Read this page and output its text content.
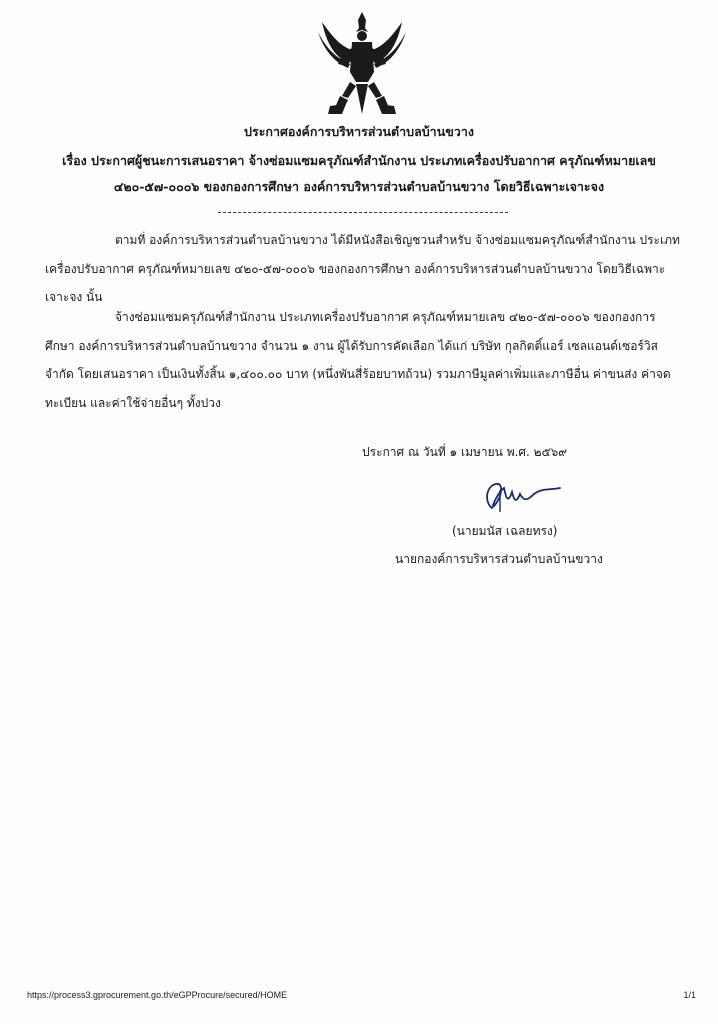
ประกาศองค์การบริหารส่วนตำบลบ้านขวาง
เรื่อง ประกาศผู้ชนะการเสนอราคา จ้างซ่อมแซมครุภัณฑ์สำนักงาน ประเภทเครื่องปรับอากาศ ครุภัณฑ์หมายเลข
๔๒๐-๕๗-๐๐๐๖ ของกองการศึกษา องค์การบริหารส่วนตำบลบ้านขวาง โดยวิธีเฉพาะเจาะจง
ตามที่ องค์การบริหารส่วนตำบลบ้านขวาง ได้มีหนังสือเชิญชวนสำหรับ จ้างซ่อมแซมครุภัณฑ์สำนักงาน ประเภทเครื่องปรับอากาศ ครุภัณฑ์หมายเลข ๔๒๐-๕๗-๐๐๐๖ ของกองการศึกษา องค์การบริหารส่วนตำบลบ้านขวาง โดยวิธีเฉพาะเจาะจง นั้น
จ้างซ่อมแซมครุภัณฑ์สำนักงาน ประเภทเครื่องปรับอากาศ ครุภัณฑ์หมายเลข ๔๒๐-๕๗-๐๐๐๖ ของกองการศึกษา องค์การบริหารส่วนตำบลบ้านขวาง จำนวน ๑ งาน ผู้ได้รับการคัดเลือก ได้แก่ บริษัท กุลกิตติ์แอร์ เซลแอนด์เซอร์วิส จำกัด โดยเสนอราคา เป็นเงินทั้งสิ้น ๑,๔๐๐.๐๐ บาท (หนึ่งพันสี่ร้อยบาทถ้วน) รวมภาษีมูลค่าเพิ่มและภาษีอื่น ค่าขนส่ง ค่าจดทะเบียน และค่าใช้จ่ายอื่นๆ ทั้งปวง
ประกาศ ณ วันที่ ๑ เมษายน พ.ศ. ๒๕๖๙
(นายมนัส เฉลยทรง)
นายกองค์การบริหารส่วนตำบลบ้านขวาง
https://process3.gprocurement.go.th/eGPProcure/secured/HOME	1/1
